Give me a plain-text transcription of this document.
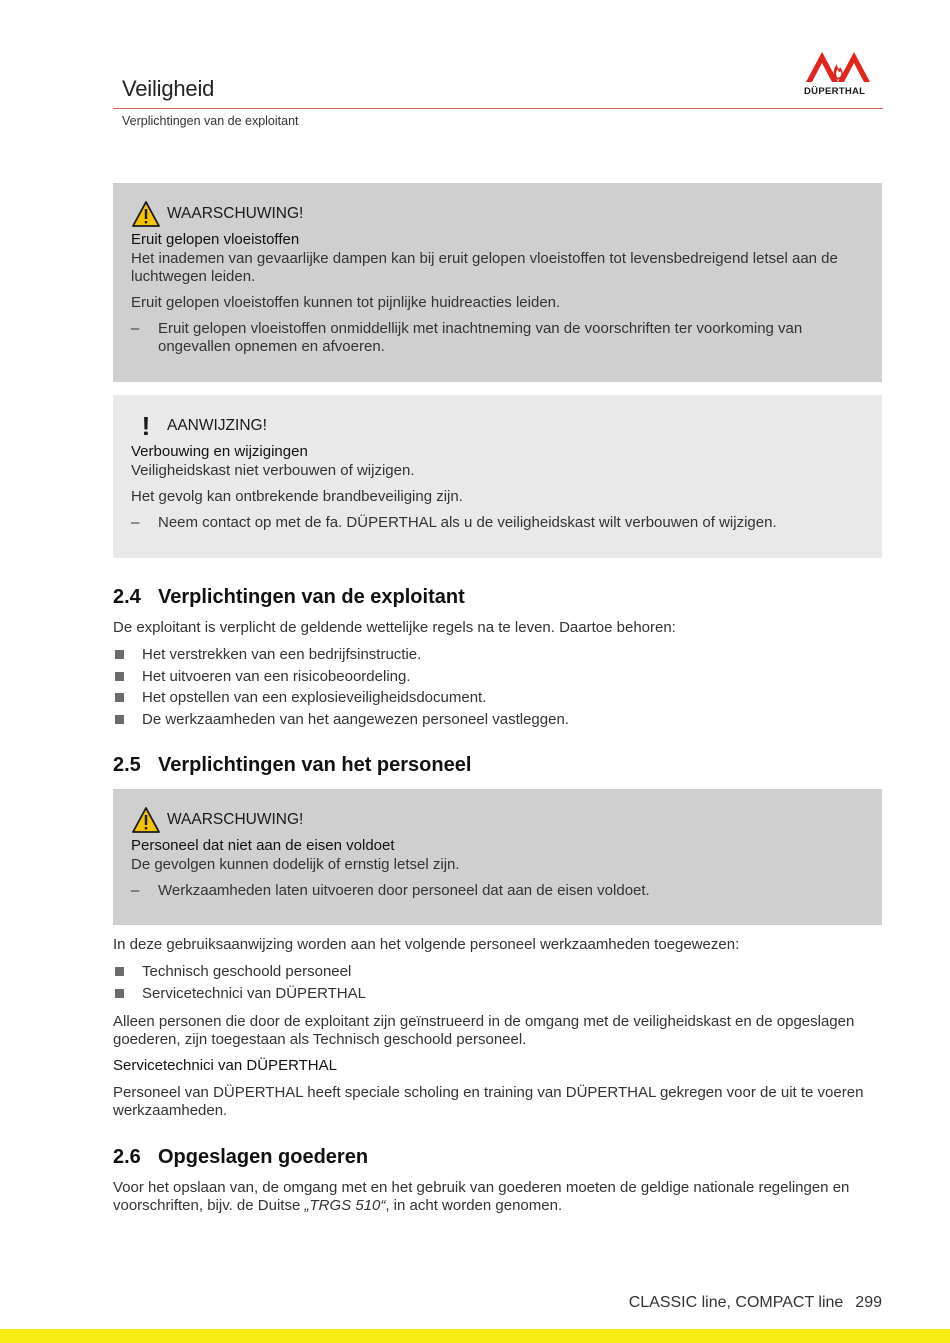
Veiligheid
Verplichtingen van de exploitant
DÜPERTHAL
WAARSCHUWING!
Eruit gelopen vloeistoffen
Het inademen van gevaarlijke dampen kan bij eruit gelopen vloeistoffen tot levensbedreigend letsel aan de luchtwegen leiden.
Eruit gelopen vloeistoffen kunnen tot pijnlijke huidreacties leiden.
–	Eruit gelopen vloeistoffen onmiddellijk met inachtneming van de voorschriften ter voorkoming van ongevallen opnemen en afvoeren.
!	AANWIJZING!
Verbouwing en wijzigingen
Veiligheidskast niet verbouwen of wijzigen.
Het gevolg kan ontbrekende brandbeveiliging zijn.
–	Neem contact op met de fa. DÜPERTHAL als u de veiligheidskast wilt verbouwen of wijzigen.
2.4 Verplichtingen van de exploitant
De exploitant is verplicht de geldende wettelijke regels na te leven. Daartoe behoren:
Het verstrekken van een bedrijfsinstructie.
Het uitvoeren van een risicobeoordeling.
Het opstellen van een explosieveiligheidsdocument.
De werkzaamheden van het aangewezen personeel vastleggen.
2.5 Verplichtingen van het personeel
WAARSCHUWING!
Personeel dat niet aan de eisen voldoet
De gevolgen kunnen dodelijk of ernstig letsel zijn.
–	Werkzaamheden laten uitvoeren door personeel dat aan de eisen voldoet.
In deze gebruiksaanwijzing worden aan het volgende personeel werkzaamheden toegewezen:
Technisch geschoold personeel
Servicetechnici van DÜPERTHAL
Alleen personen die door de exploitant zijn geïnstrueerd in de omgang met de veiligheidskast en de opgeslagen goederen, zijn toegestaan als Technisch geschoold personeel.
Servicetechnici van DÜPERTHAL
Personeel van DÜPERTHAL heeft speciale scholing en training van DÜPERTHAL gekregen voor de uit te voeren werkzaamheden.
2.6 Opgeslagen goederen
Voor het opslaan van, de omgang met en het gebruik van goederen moeten de geldige nationale regelingen en voorschriften, bijv. de Duitse „TRGS 510“, in acht worden genomen.
CLASSIC line, COMPACT line 299
